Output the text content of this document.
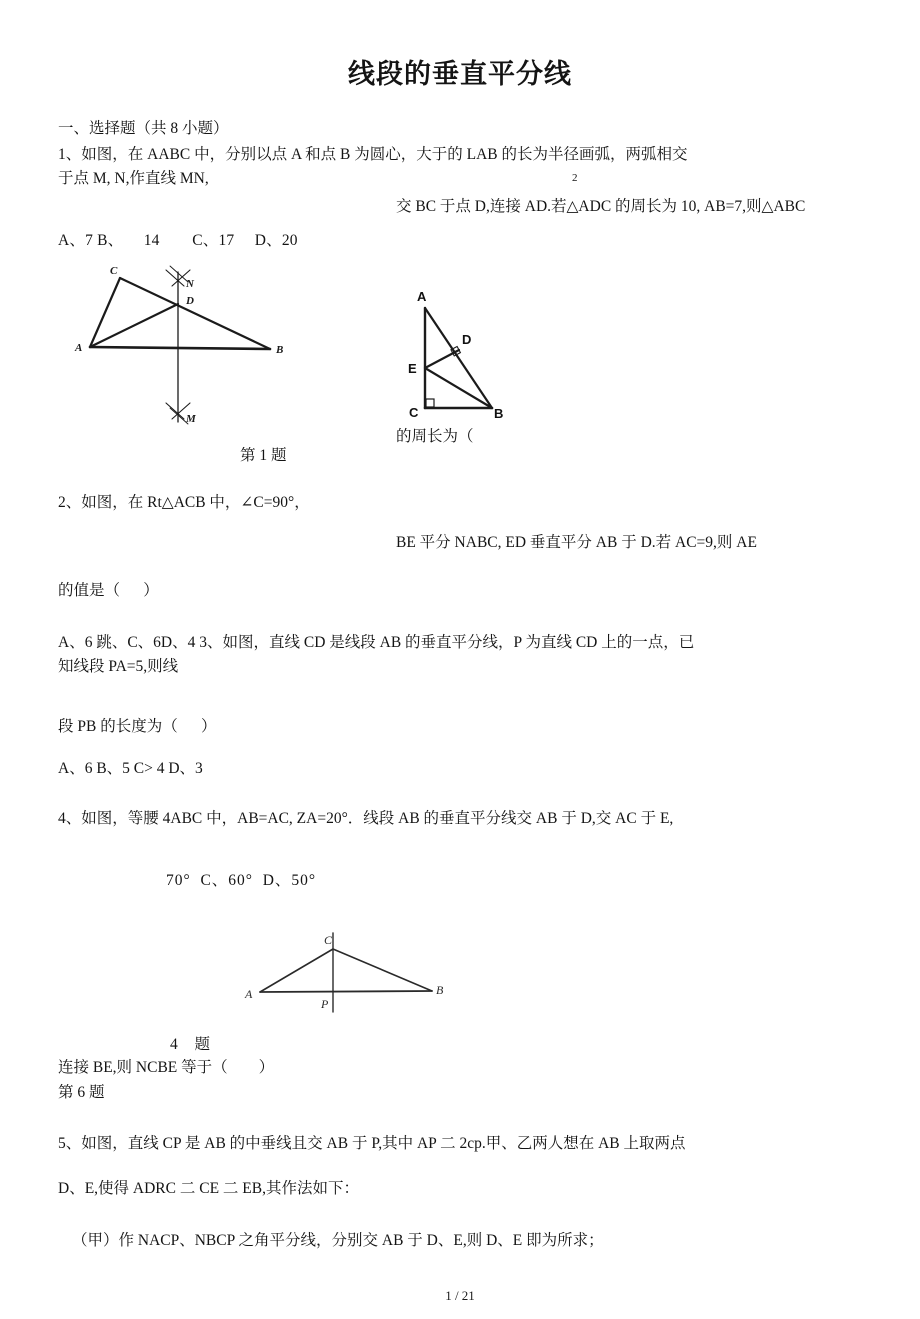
线段的垂直平分线
一、选择题（共 8 小题）
1、如图，在 AABC 中，分别以点 A 和点 B 为圆心，大于的 LAB 的长为半径画弧，两弧相交
于点 M, N,作直线 MN,	2
交 BC 于点 D,连接 AD.若△ADC 的周长为 10, AB=7,则△ABC
A、7 B、     14        C、17     D、20
C
N
D
A	B
M
A
D
E
C	B
第 1 题
的周长为（
2、如图，在 Rt△ACB 中，∠C=90°，
BE 平分 NABC, ED 垂直平分 AB 于 D.若 AC=9,则 AE
的值是（      ）
A、6 跳、C、6D、4 3、如图，直线 CD 是线段 AB 的垂直平分线，P 为直线 CD 上的一点，已
知线段 PA=5,则线
段 PB 的长度为（      ）
A、6 B、5 C> 4 D、3
4、如图，等腰 4ABC 中，AB=AC, ZA=20°．线段 AB 的垂直平分线交 AB 于 D,交 AC 于 E,
70°  C、60°  D、50°
C
A
P
B
4  题
连接 BE,则 NCBE 等于（        ）
第 6 题
5、如图，直线 CP 是 AB 的中垂线且交 AB 于 P,其中 AP 二 2cp.甲、乙两人想在 AB 上取两点
D、E,使得 ADRC 二 CE 二 EB,其作法如下：
（甲）作 NACP、NBCP 之角平分线，分别交 AB 于 D、E,则 D、E 即为所求；
1 / 21
